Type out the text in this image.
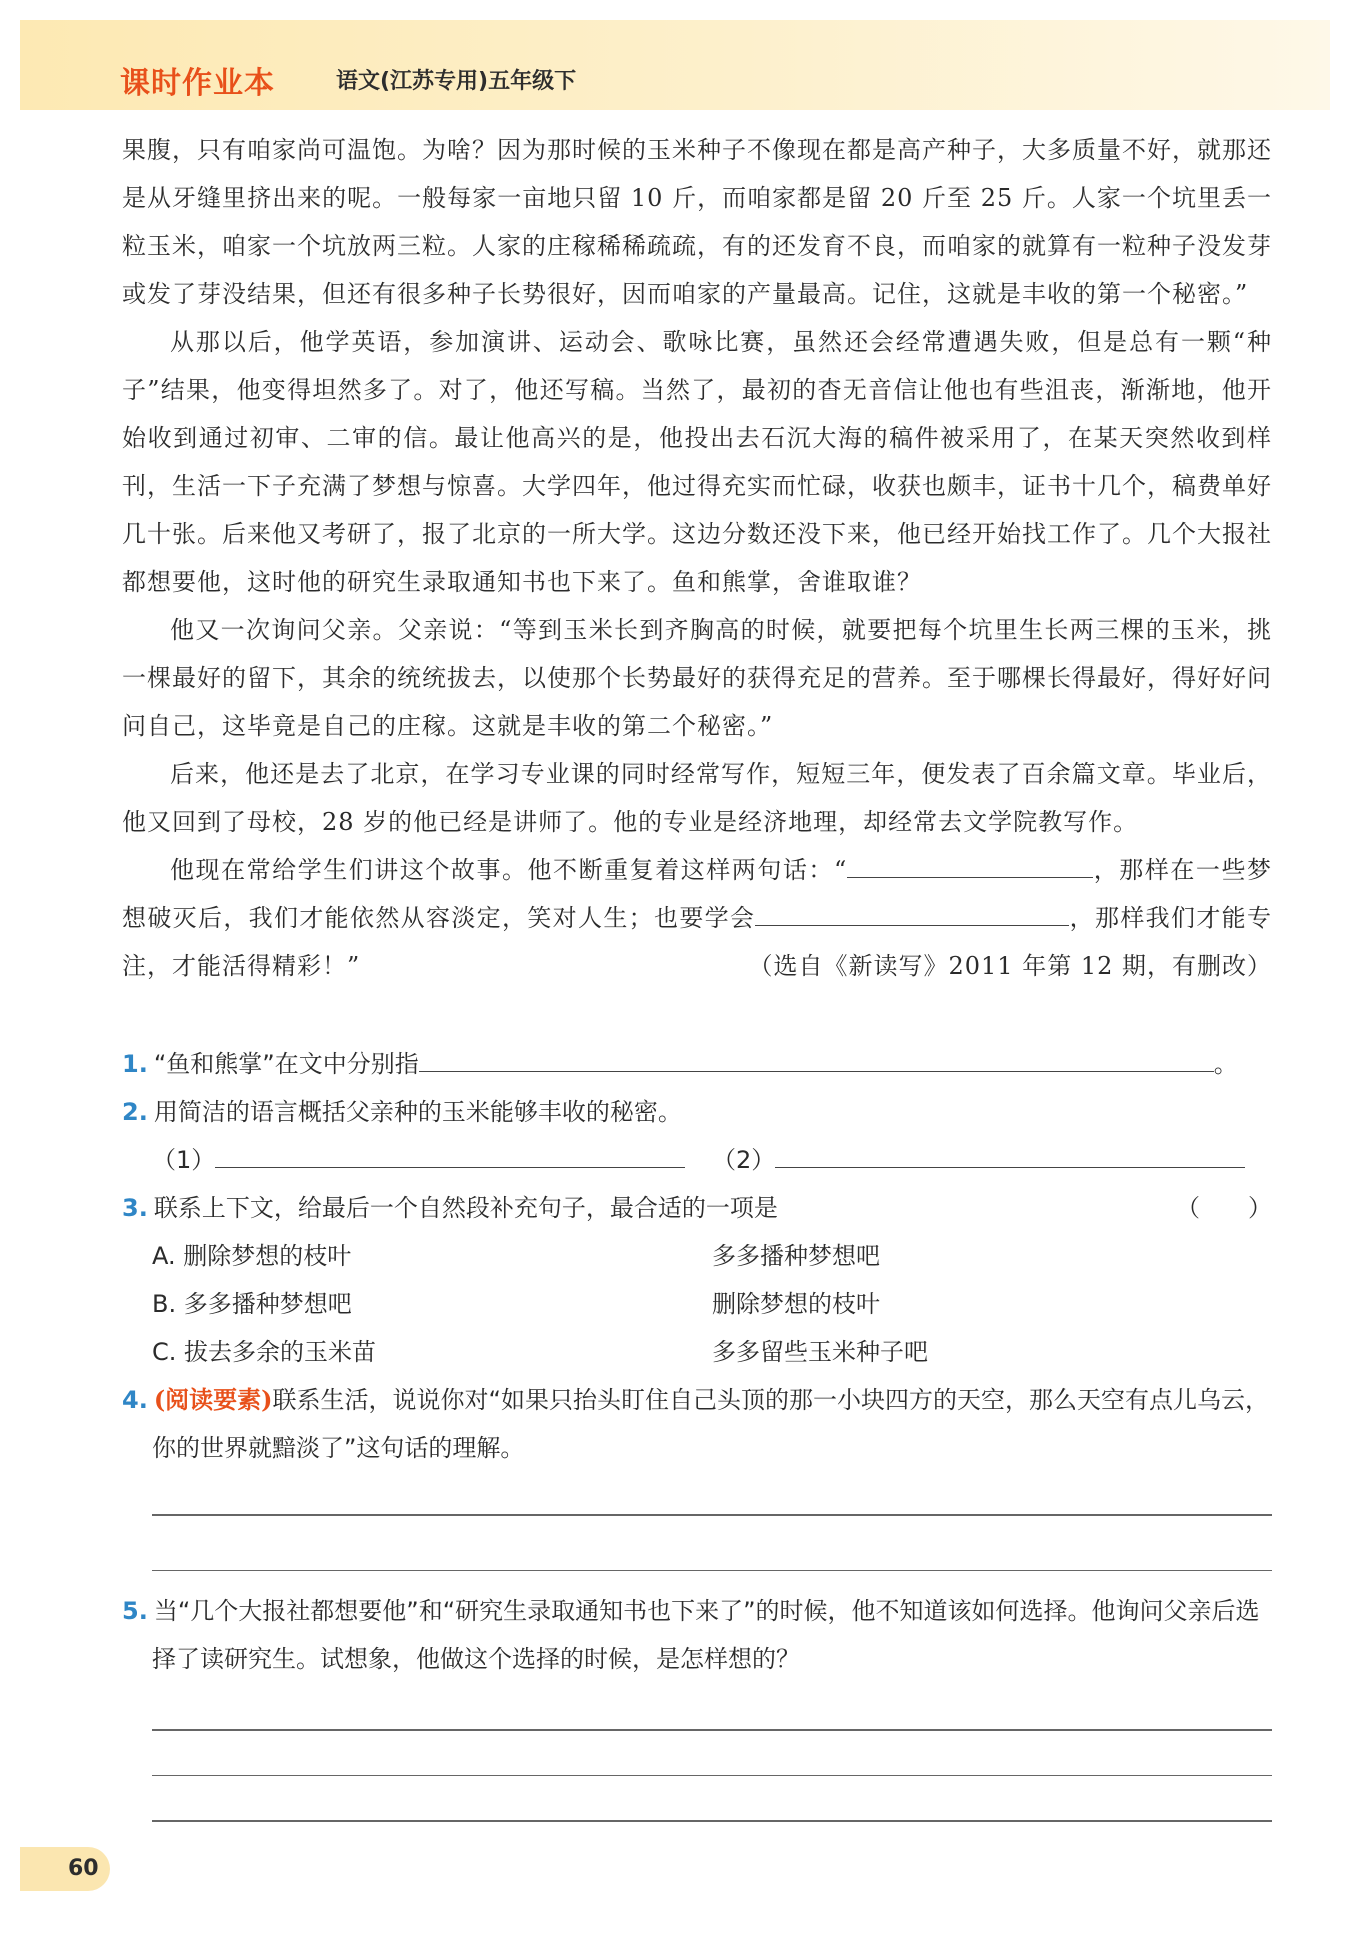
课时作业本	语文(江苏专用)五年级下

果腹，只有咱家尚可温饱。为啥？因为那时候的玉米种子不像现在都是高产种子，大多质量不好，就那还是从牙缝里挤出来的呢。一般每家一亩地只留 10 斤，而咱家都是留 20 斤至 25 斤。人家一个坑里丢一粒玉米，咱家一个坑放两三粒。人家的庄稼稀稀疏疏，有的还发育不良，而咱家的就算有一粒种子没发芽或发了芽没结果，但还有很多种子长势很好，因而咱家的产量最高。记住，这就是丰收的第一个秘密。”

从那以后，他学英语，参加演讲、运动会、歌咏比赛，虽然还会经常遭遇失败，但是总有一颗“种子”结果，他变得坦然多了。对了，他还写稿。当然了，最初的杳无音信让他也有些沮丧，渐渐地，他开始收到通过初审、二审的信。最让他高兴的是，他投出去石沉大海的稿件被采用了，在某天突然收到样刊，生活一下子充满了梦想与惊喜。大学四年，他过得充实而忙碌，收获也颇丰，证书十几个，稿费单好几十张。后来他又考研了，报了北京的一所大学。这边分数还没下来，他已经开始找工作了。几个大报社都想要他，这时他的研究生录取通知书也下来了。鱼和熊掌，舍谁取谁？

他又一次询问父亲。父亲说：“等到玉米长到齐胸高的时候，就要把每个坑里生长两三棵的玉米，挑一棵最好的留下，其余的统统拔去，以使那个长势最好的获得充足的营养。至于哪棵长得最好，得好好问问自己，这毕竟是自己的庄稼。这就是丰收的第二个秘密。”

后来，他还是去了北京，在学习专业课的同时经常写作，短短三年，便发表了百余篇文章。毕业后，他又回到了母校，28 岁的他已经是讲师了。他的专业是经济地理，却经常去文学院教写作。

他现在常给学生们讲这个故事。他不断重复着这样两句话：“	，那样在一些梦想破灭后，我们才能依然从容淡定，笑对人生；也要学会	，那样我们才能专注，才能活得精彩！”	（选自《新读写》2011 年第 12 期，有删改）

1. “鱼和熊掌”在文中分别指	。
2. 用简洁的语言概括父亲种的玉米能够丰收的秘密。
（1）	（2）
3. 联系上下文，给最后一个自然段补充句子，最合适的一项是	（　　）
A. 删除梦想的枝叶	多多播种梦想吧
B. 多多播种梦想吧	删除梦想的枝叶
C. 拔去多余的玉米苗	多多留些玉米种子吧
4. (阅读要素)联系生活，说说你对“如果只抬头盯住自己头顶的那一小块四方的天空，那么天空有点儿乌云，你的世界就黯淡了”这句话的理解。
5. 当“几个大报社都想要他”和“研究生录取通知书也下来了”的时候，他不知道该如何选择。他询问父亲后选择了读研究生。试想象，他做这个选择的时候，是怎样想的？
60
